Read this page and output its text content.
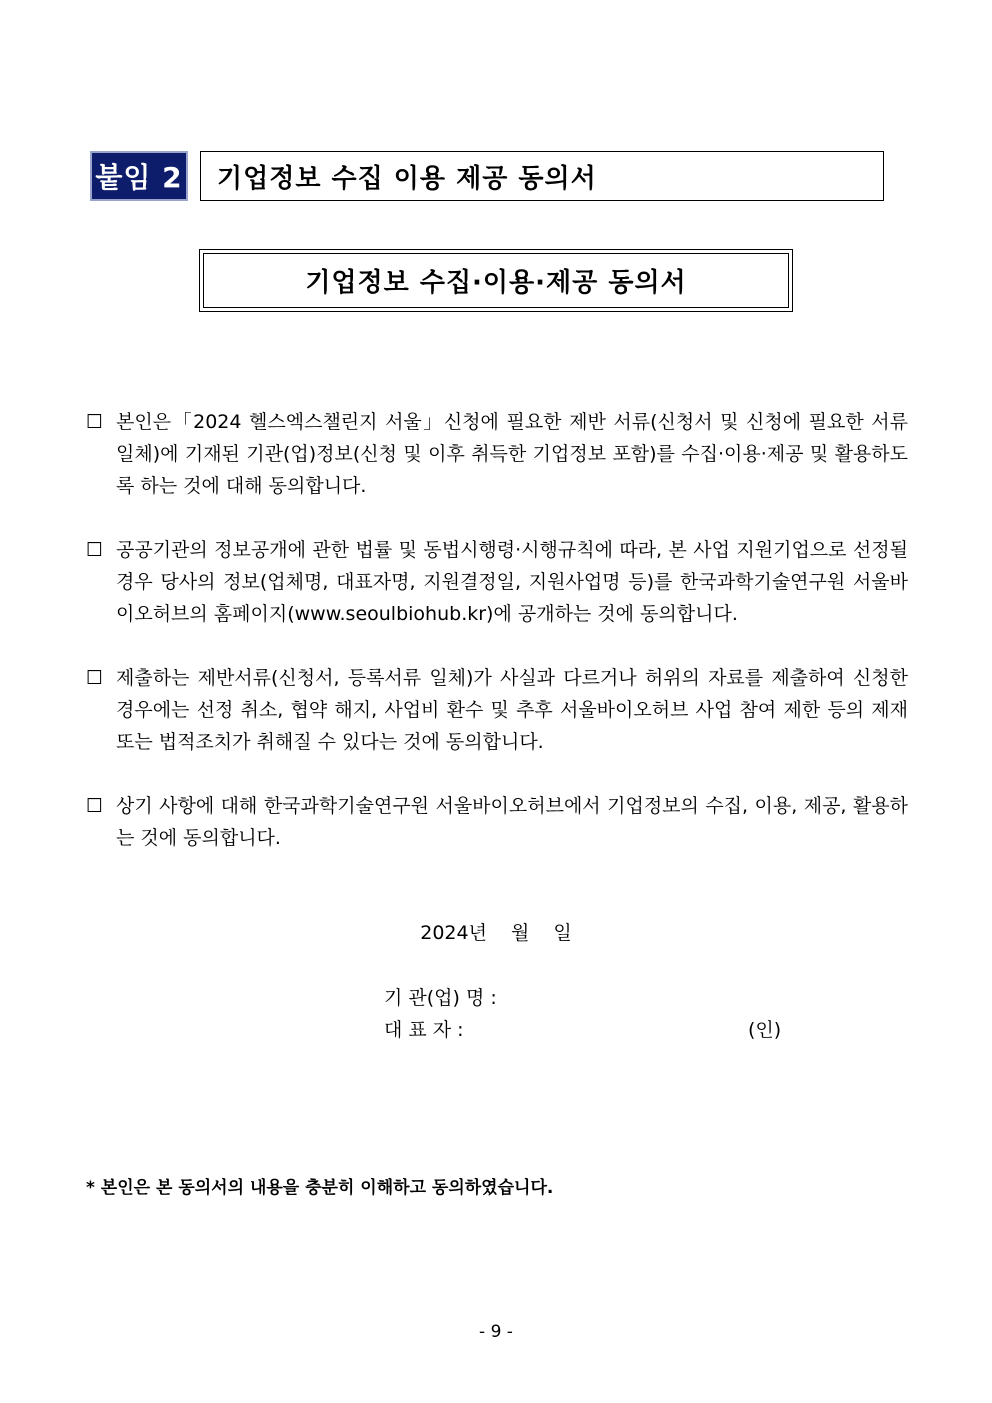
붙임 2	기업정보 수집 이용 제공 동의서
기업정보 수집·이용·제공 동의서
☐ 본인은「2024 헬스엑스챌린지 서울」신청에 필요한 제반 서류(신청서 및 신청에 필요한 서류 일체)에 기재된 기관(업)정보(신청 및 이후 취득한 기업정보 포함)를 수집·이용·제공 및 활용하도록 하는 것에 대해 동의합니다.
☐ 공공기관의 정보공개에 관한 법률 및 동법시행령·시행규칙에 따라, 본 사업 지원기업으로 선정될 경우 당사의 정보(업체명, 대표자명, 지원결정일, 지원사업명 등)를 한국과학기술연구원 서울바이오허브의 홈페이지(www.seoulbiohub.kr)에 공개하는 것에 동의합니다.
☐ 제출하는 제반서류(신청서, 등록서류 일체)가 사실과 다르거나 허위의 자료를 제출하여 신청한 경우에는 선정 취소, 협약 해지, 사업비 환수 및 추후 서울바이오허브 사업 참여 제한 등의 제재 또는 법적조치가 취해질 수 있다는 것에 동의합니다.
☐ 상기 사항에 대해 한국과학기술연구원 서울바이오허브에서 기업정보의 수집, 이용, 제공, 활용하는 것에 동의합니다.
2024년 월 일
기 관(업) 명 :
대 표 자 :	(인)
* 본인은 본 동의서의 내용을 충분히 이해하고 동의하였습니다.
- 9 -
